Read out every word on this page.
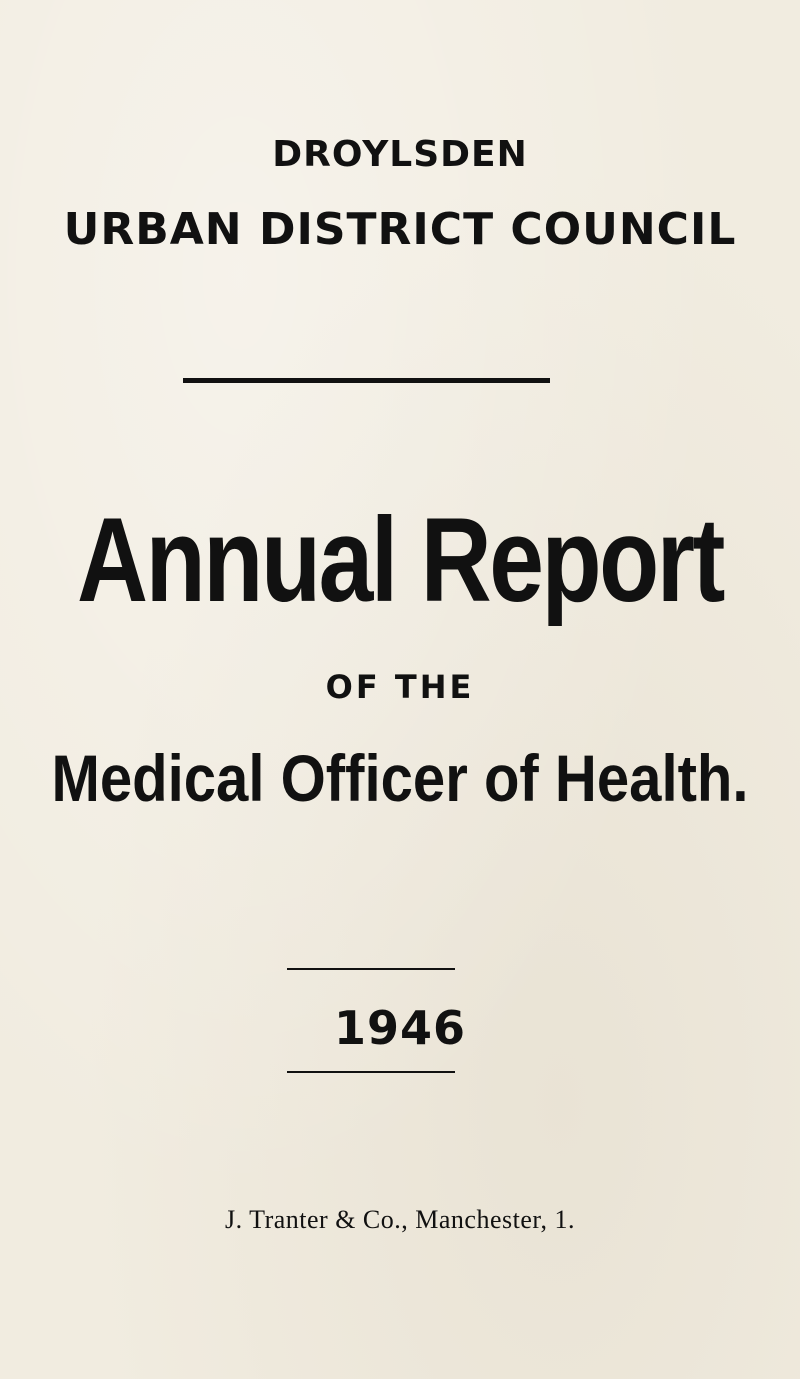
DROYLSDEN
URBAN DISTRICT COUNCIL
Annual Report
OF THE
Medical Officer of Health.
1946
J. Tranter & Co., Manchester, 1.
